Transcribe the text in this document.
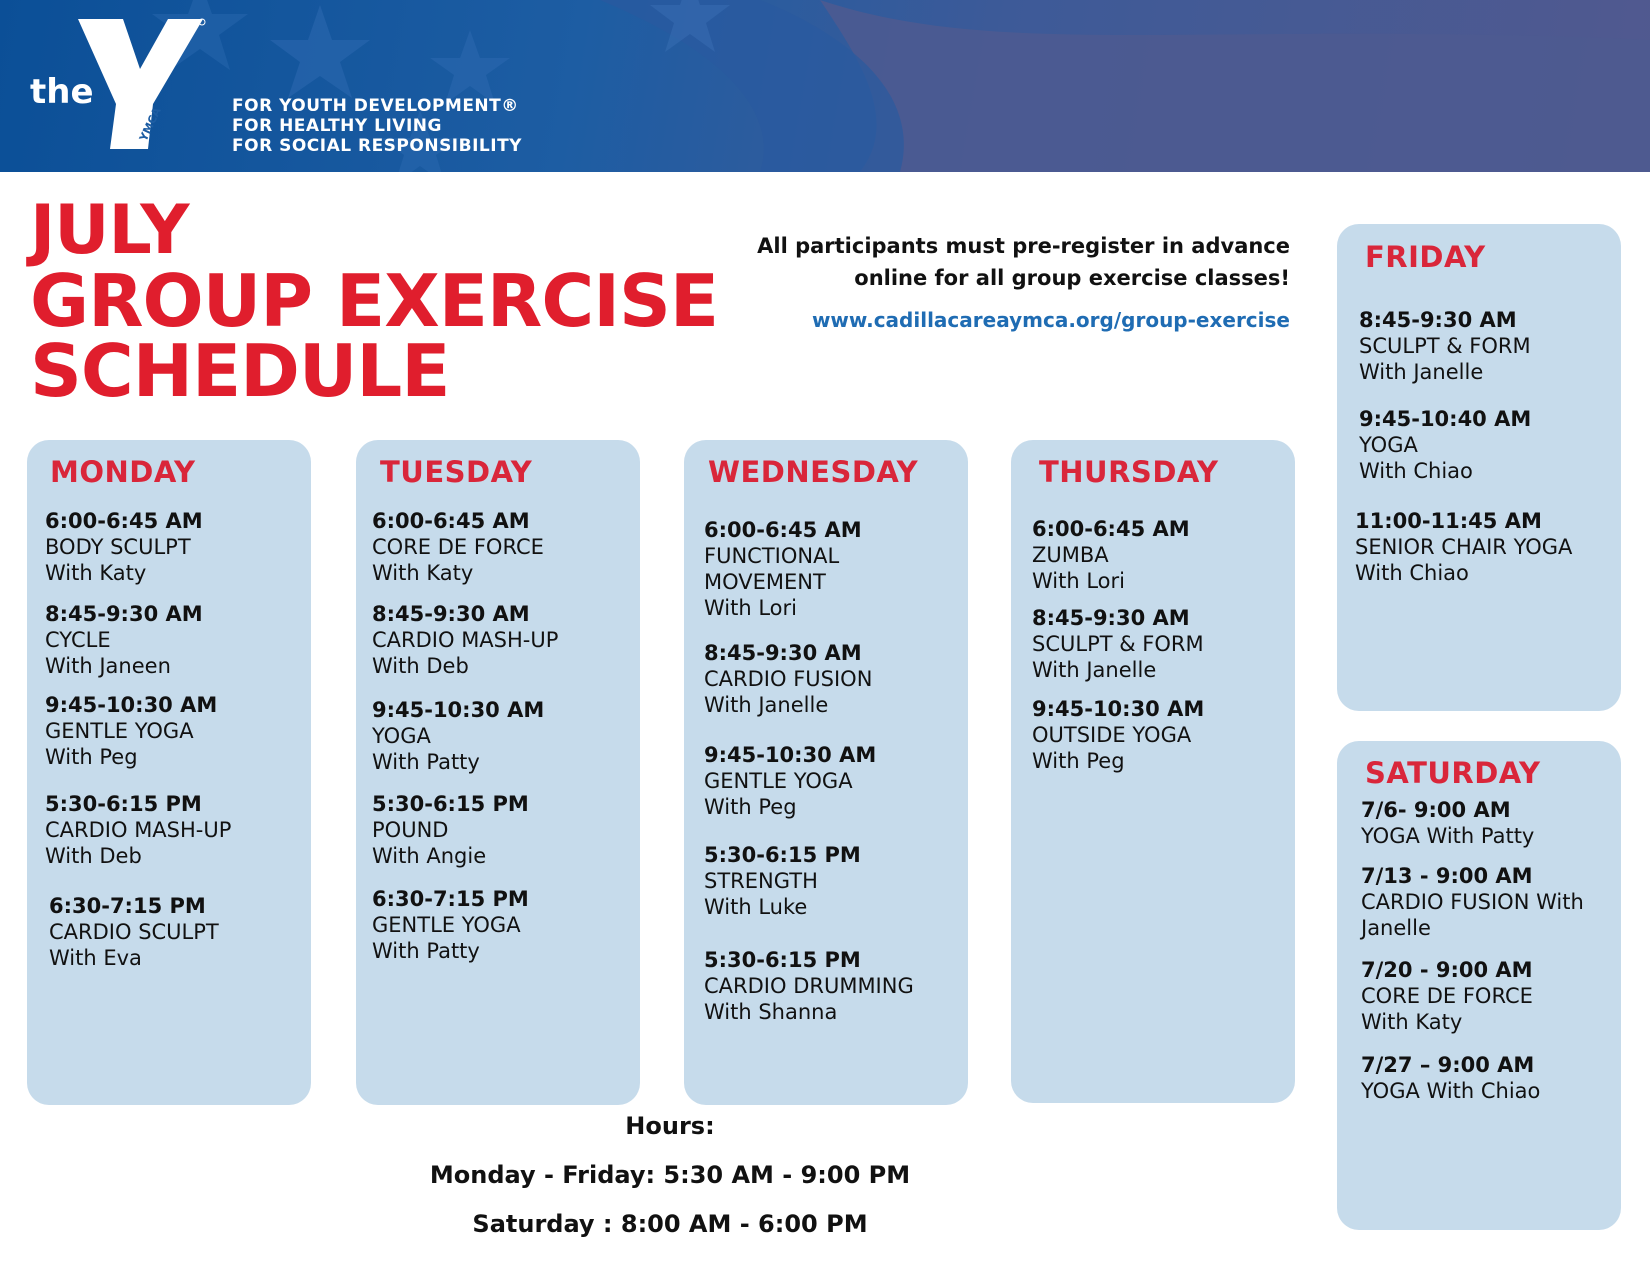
YMCA
the	FOR YOUTH DEVELOPMENT®
FOR HEALTHY LIVING
FOR SOCIAL RESPONSIBILITY
JULY
GROUP EXERCISE
SCHEDULE
All participants must pre-register in advance
online for all group exercise classes!
www.cadillacareaymca.org/group-exercise
MONDAY
6:00-6:45 AM
BODY SCULPT
With Katy
8:45-9:30 AM
CYCLE
With Janeen
9:45-10:30 AM
GENTLE YOGA
With Peg
5:30-6:15 PM
CARDIO MASH-UP
With Deb
6:30-7:15 PM
CARDIO SCULPT
With Eva
TUESDAY
6:00-6:45 AM
CORE DE FORCE
With Katy
8:45-9:30 AM
CARDIO MASH-UP
With Deb
9:45-10:30 AM
YOGA
With Patty
5:30-6:15 PM
POUND
With Angie
6:30-7:15 PM
GENTLE YOGA
With Patty
WEDNESDAY
6:00-6:45 AM
FUNCTIONAL
MOVEMENT
With Lori
8:45-9:30 AM
CARDIO FUSION
With Janelle
9:45-10:30 AM
GENTLE YOGA
With Peg
5:30-6:15 PM
STRENGTH
With Luke
5:30-6:15 PM
CARDIO DRUMMING
With Shanna
THURSDAY
6:00-6:45 AM
ZUMBA
With Lori
8:45-9:30 AM
SCULPT & FORM
With Janelle
9:45-10:30 AM
OUTSIDE YOGA
With Peg
FRIDAY
8:45-9:30 AM
SCULPT & FORM
With Janelle
9:45-10:40 AM
YOGA
With Chiao
11:00-11:45 AM
SENIOR CHAIR YOGA
With Chiao
SATURDAY
7/6- 9:00 AM
YOGA With Patty
7/13 - 9:00 AM
CARDIO FUSION With
Janelle
7/20 - 9:00 AM
CORE DE FORCE
With Katy
7/27 – 9:00 AM
YOGA With Chiao
Hours:
Monday - Friday: 5:30 AM - 9:00 PM
Saturday : 8:00 AM - 6:00 PM
